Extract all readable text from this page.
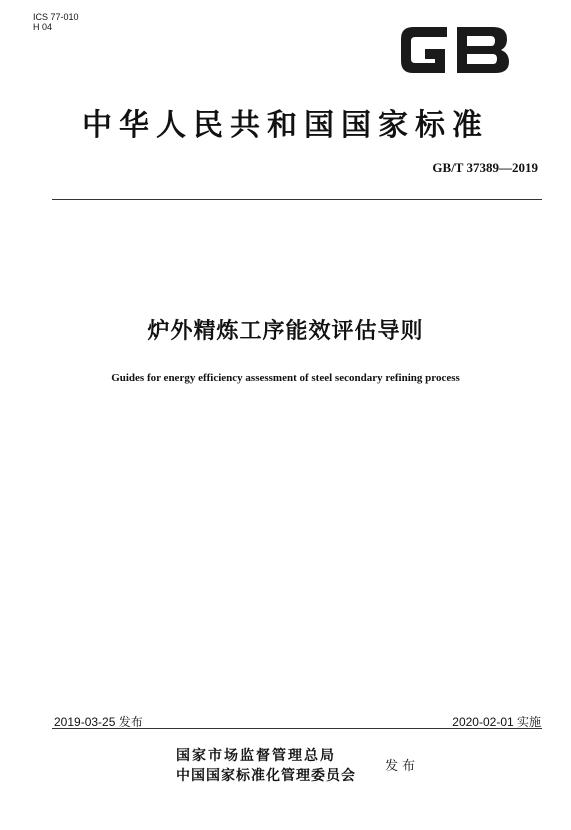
ICS 77-010
H 04
GB
中华人民共和国国家标准
GB/T 37389—2019
炉外精炼工序能效评估导则
Guides for energy efficiency assessment of steel secondary refining process
2019-03-25 发布	2020-02-01 实施
国家市场监督管理总局
中国国家标准化管理委员会
发布
